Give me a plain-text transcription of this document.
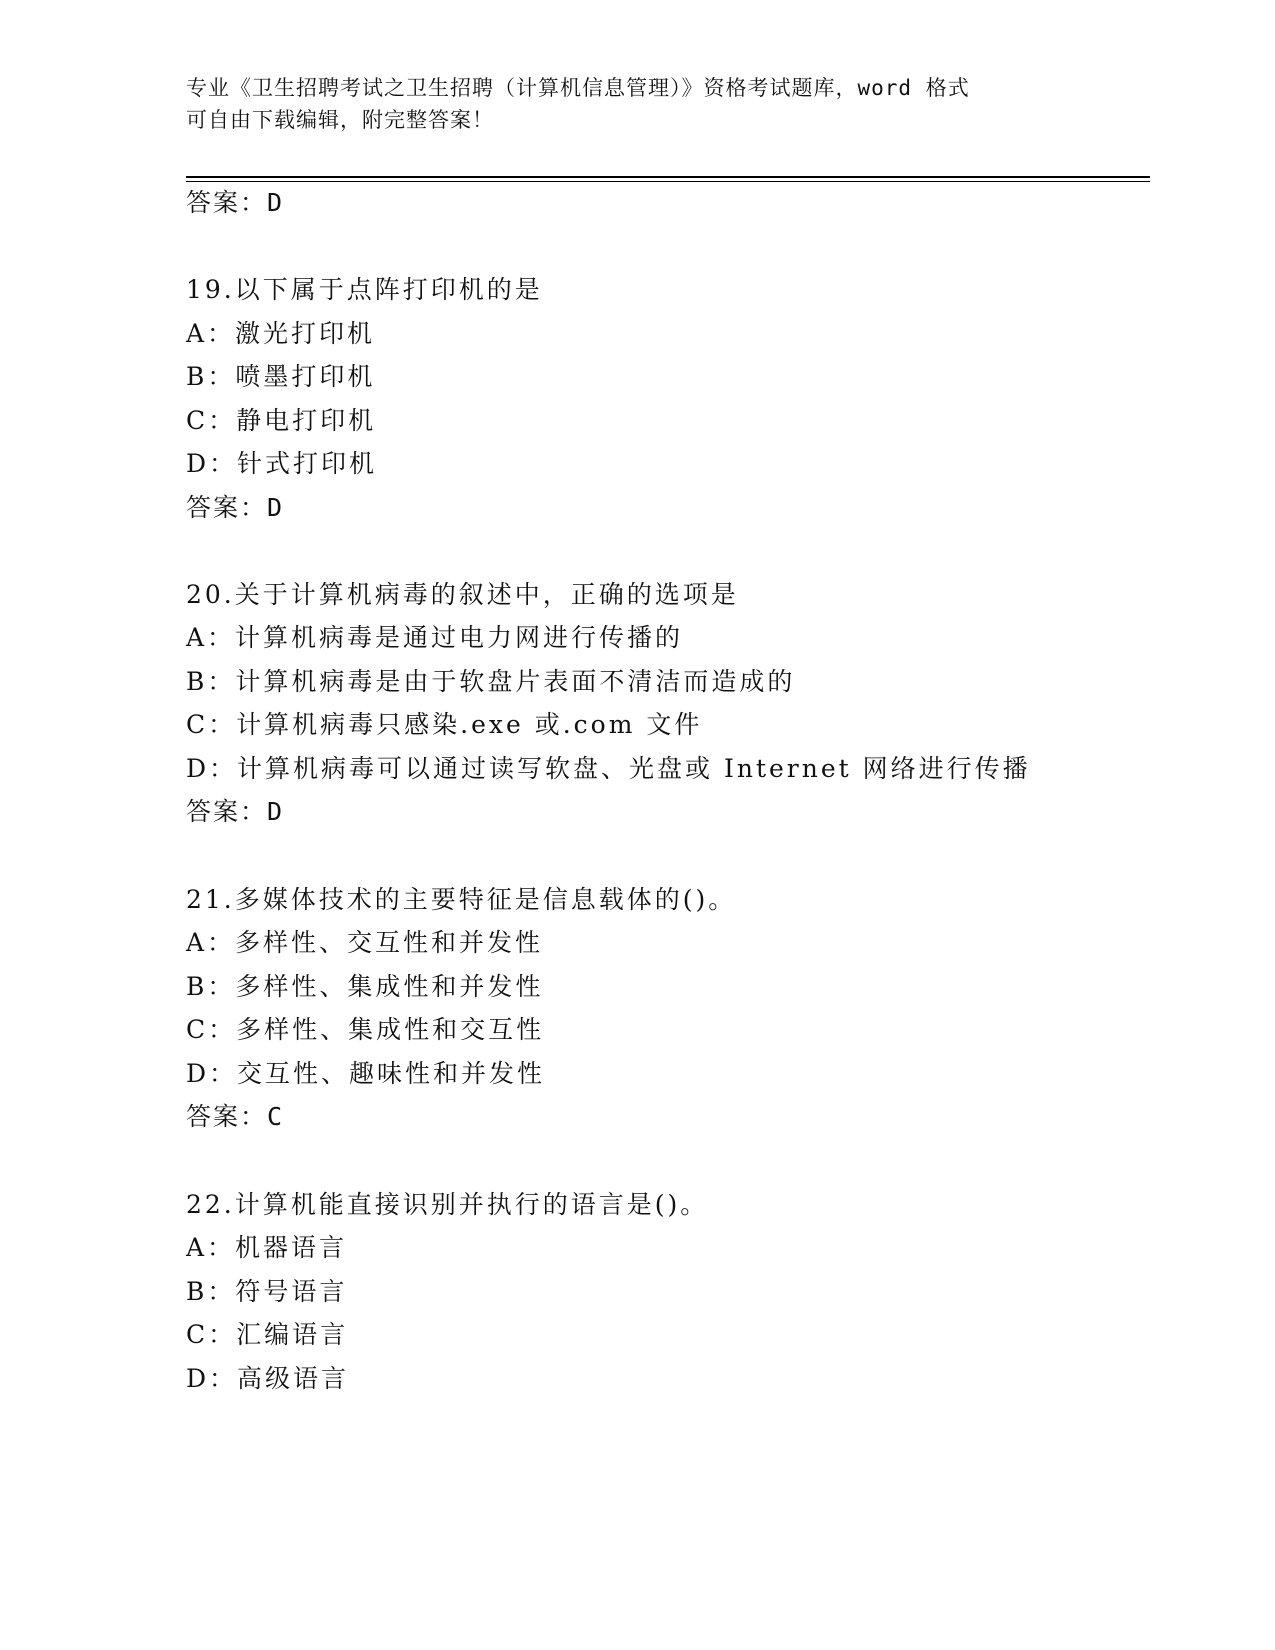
专业《卫生招聘考试之卫生招聘（计算机信息管理）》资格考试题库，word 格式
可自由下载编辑，附完整答案！
答案：D
19.以下属于点阵打印机的是
A：激光打印机
B：喷墨打印机
C：静电打印机
D：针式打印机
答案：D
20.关于计算机病毒的叙述中，正确的选项是
A：计算机病毒是通过电力网进行传播的
B：计算机病毒是由于软盘片表面不清洁而造成的
C：计算机病毒只感染.exe 或.com 文件
D：计算机病毒可以通过读写软盘、光盘或 Internet 网络进行传播
答案：D
21.多媒体技术的主要特征是信息载体的()。
A：多样性、交互性和并发性
B：多样性、集成性和并发性
C：多样性、集成性和交互性
D：交互性、趣味性和并发性
答案：C
22.计算机能直接识别并执行的语言是()。
A：机器语言
B：符号语言
C：汇编语言
D：高级语言
